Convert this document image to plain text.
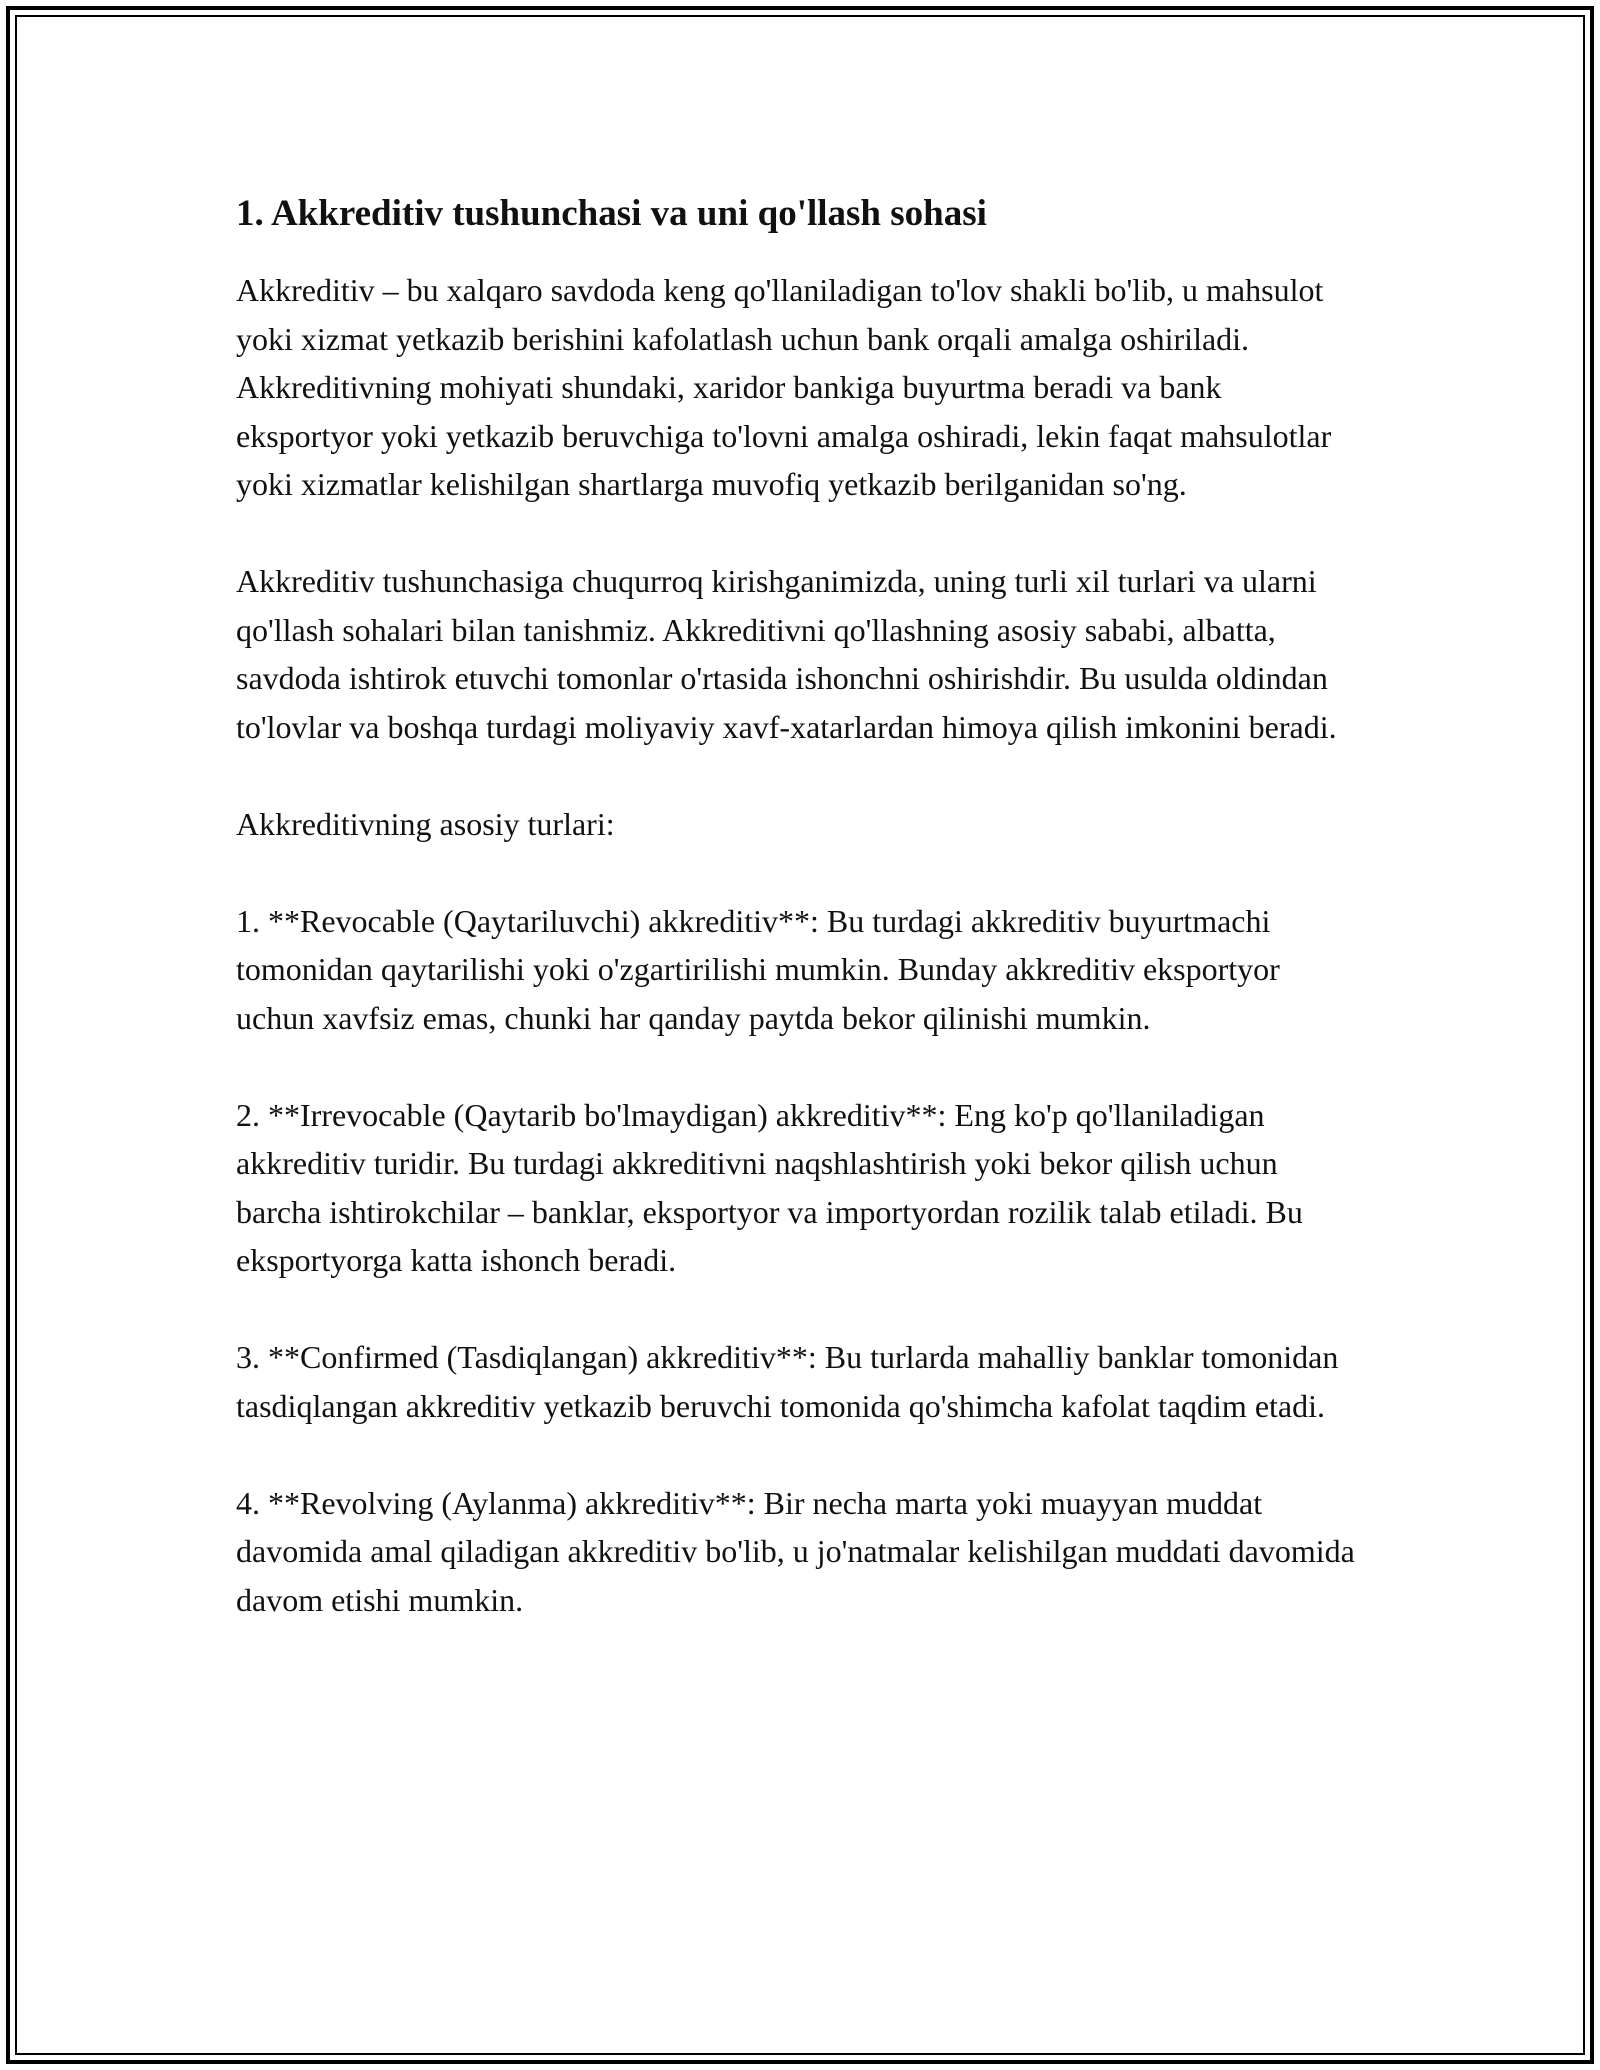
1. Akkreditiv tushunchasi va uni qo'llash sohasi

Akkreditiv – bu xalqaro savdoda keng qo'llaniladigan to'lov shakli bo'lib, u mahsulot yoki xizmat yetkazib berishini kafolatlash uchun bank orqali amalga oshiriladi. Akkreditivning mohiyati shundaki, xaridor bankiga buyurtma beradi va bank eksportyor yoki yetkazib beruvchiga to'lovni amalga oshiradi, lekin faqat mahsulotlar yoki xizmatlar kelishilgan shartlarga muvofiq yetkazib berilganidan so'ng.

Akkreditiv tushunchasiga chuqurroq kirishganimizda, uning turli xil turlari va ularni qo'llash sohalari bilan tanishmiz. Akkreditivni qo'llashning asosiy sababi, albatta, savdoda ishtirok etuvchi tomonlar o'rtasida ishonchni oshirishdir. Bu usulda oldindan to'lovlar va boshqa turdagi moliyaviy xavf-xatarlardan himoya qilish imkonini beradi.

Akkreditivning asosiy turlari:

1. **Revocable (Qaytariluvchi) akkreditiv**: Bu turdagi akkreditiv buyurtmachi tomonidan qaytarilishi yoki o'zgartirilishi mumkin. Bunday akkreditiv eksportyor uchun xavfsiz emas, chunki har qanday paytda bekor qilinishi mumkin.

2. **Irrevocable (Qaytarib bo'lmaydigan) akkreditiv**: Eng ko'p qo'llaniladigan akkreditiv turidir. Bu turdagi akkreditivni naqshlashtirish yoki bekor qilish uchun barcha ishtirokchilar – banklar, eksportyor va importyordan rozilik talab etiladi. Bu eksportyorga katta ishonch beradi.

3. **Confirmed (Tasdiqlangan) akkreditiv**: Bu turlarda mahalliy banklar tomonidan tasdiqlangan akkreditiv yetkazib beruvchi tomonida qo'shimcha kafolat taqdim etadi.

4. **Revolving (Aylanma) akkreditiv**: Bir necha marta yoki muayyan muddat davomida amal qiladigan akkreditiv bo'lib, u jo'natmalar kelishilgan muddati davomida davom etishi mumkin.
